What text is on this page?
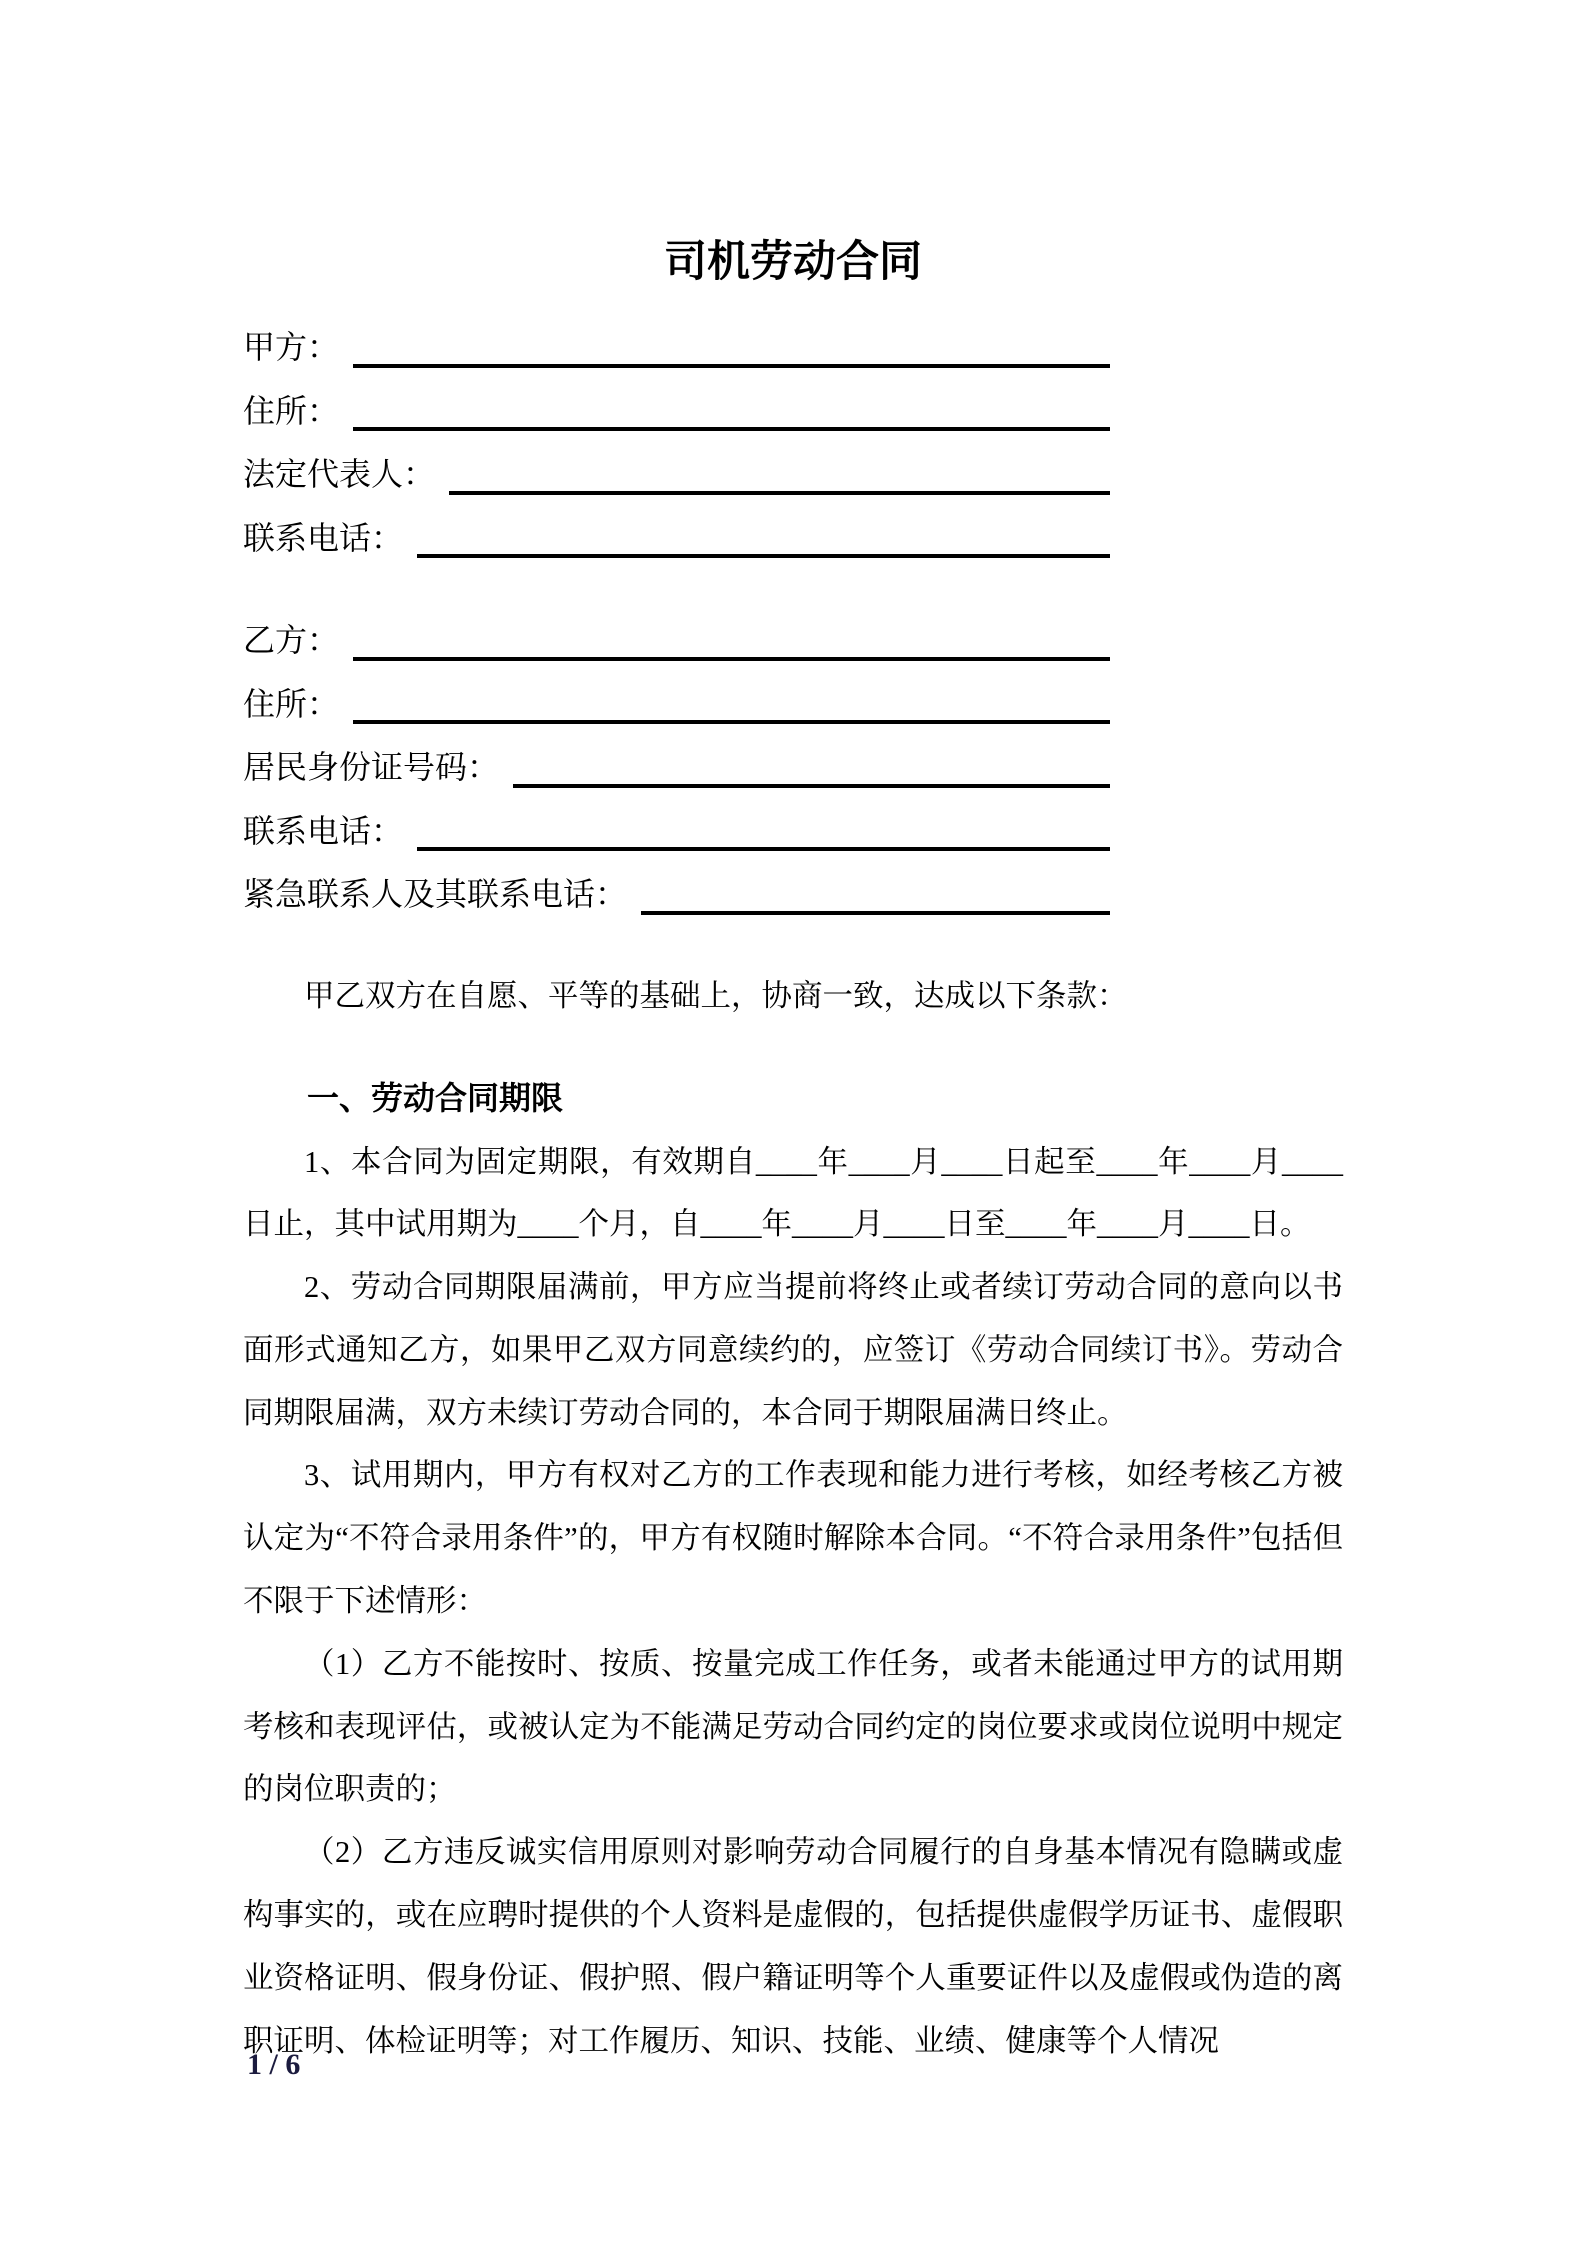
司机劳动合同
甲方：
住所：
法定代表人：
联系电话：
乙方：
住所：
居民身份证号码：
联系电话：
紧急联系人及其联系电话：

甲乙双方在自愿、平等的基础上，协商一致，达成以下条款：

一、劳动合同期限

1、本合同为固定期限，有效期自____年____月____日起至____年____月____日止，其中试用期为____个月，自____年____月____日至____年____月____日。

2、劳动合同期限届满前，甲方应当提前将终止或者续订劳动合同的意向以书面形式通知乙方，如果甲乙双方同意续约的，应签订《劳动合同续订书》。劳动合同期限届满，双方未续订劳动合同的，本合同于期限届满日终止。

3、试用期内，甲方有权对乙方的工作表现和能力进行考核，如经考核乙方被认定为“不符合录用条件”的，甲方有权随时解除本合同。“不符合录用条件”包括但不限于下述情形：

（1）乙方不能按时、按质、按量完成工作任务，或者未能通过甲方的试用期考核和表现评估，或被认定为不能满足劳动合同约定的岗位要求或岗位说明中规定的岗位职责的；

（2）乙方违反诚实信用原则对影响劳动合同履行的自身基本情况有隐瞒或虚构事实的，或在应聘时提供的个人资料是虚假的，包括提供虚假学历证书、虚假职业资格证明、假身份证、假护照、假户籍证明等个人重要证件以及虚假或伪造的离职证明、体检证明等；对工作履历、知识、技能、业绩、健康等个人情况

1 / 6
